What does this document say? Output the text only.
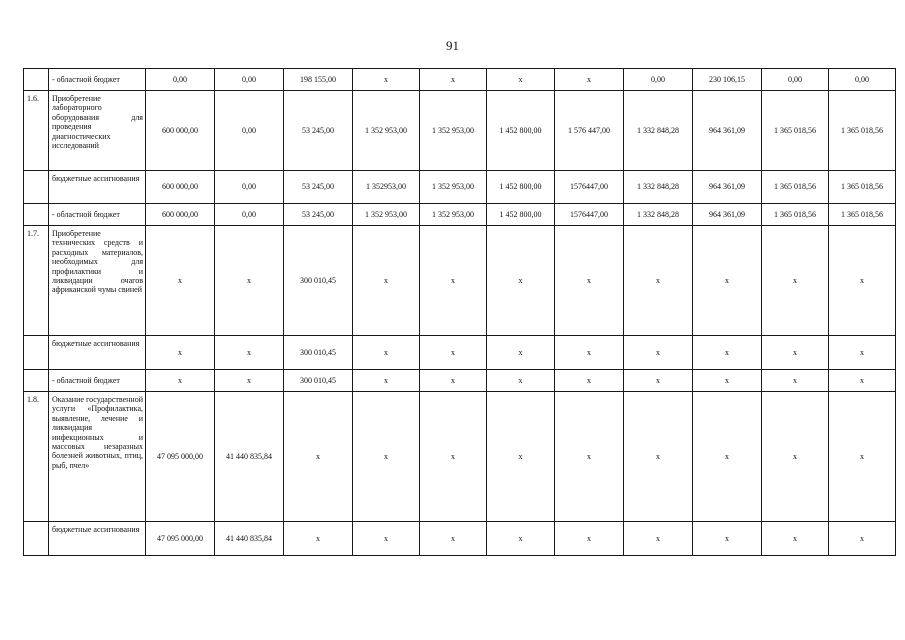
91
	- областной бюджет	0,00	0,00	198 155,00	x	x	x	x	0,00	230 106,15	0,00	0,00
1.6.	Приобретение лабораторного оборудования для проведения диагностических исследований	600 000,00	0,00	53 245,00	1 352 953,00	1 352 953,00	1 452 800,00	1 576 447,00	1 332 848,28	964 361,09	1 365 018,56	1 365 018,56
	бюджетные ассигнования	600 000,00	0,00	53 245,00	1 352953,00	1 352 953,00	1 452 800,00	1576447,00	1 332 848,28	964 361,09	1 365 018,56	1 365 018,56
	- областной бюджет	600 000,00	0,00	53 245,00	1 352 953,00	1 352 953,00	1 452 800,00	1576447,00	1 332 848,28	964 361,09	1 365 018,56	1 365 018,56
1.7.	Приобретение технических средств и расходных материалов, необходимых для профилактики и ликвидации очагов африканской чумы свиней	x	x	300 010,45	x	x	x	x	x	x	x	x
	бюджетные ассигнования	x	x	300 010,45	x	x	x	x	x	x	x	x
	- областной бюджет	x	x	300 010,45	x	x	x	x	x	x	x	x
1.8.	Оказание государственной услуги «Профилактика, выявление, лечение и ликвидация инфекционных и массовых незаразных болезней животных, птиц, рыб, пчел»	47 095 000,00	41 440 835,84	x	x	x	x	x	x	x	x	x
	бюджетные ассигнования	47 095 000,00	41 440 835,84	x	x	x	x	x	x	x	x	x
